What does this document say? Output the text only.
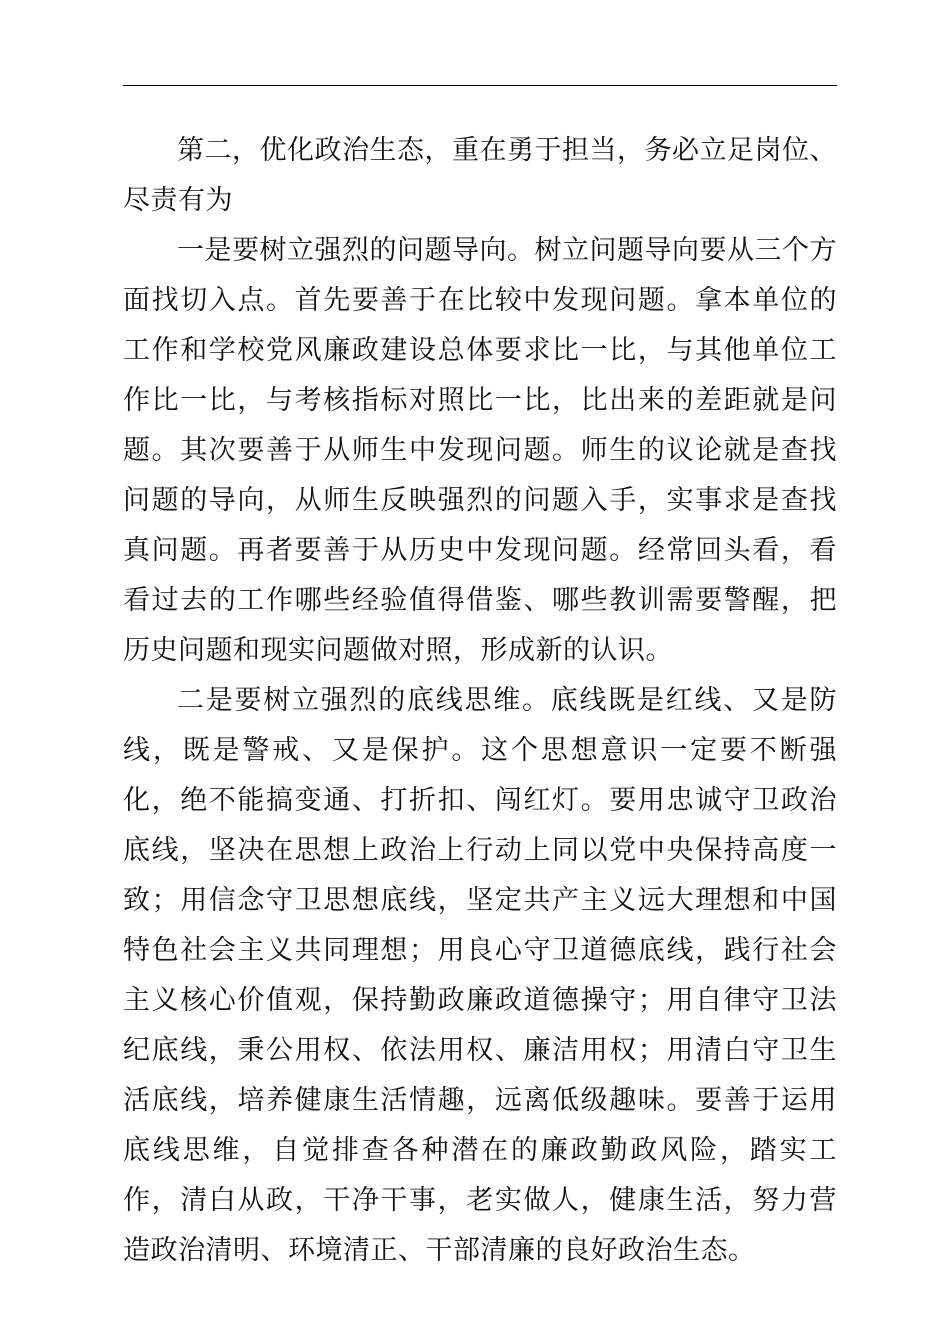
第二，优化政治生态，重在勇于担当，务必立足岗位、尽责有为

一是要树立强烈的问题导向。树立问题导向要从三个方面找切入点。首先要善于在比较中发现问题。拿本单位的工作和学校党风廉政建设总体要求比一比，与其他单位工作比一比，与考核指标对照比一比，比出来的差距就是问题。其次要善于从师生中发现问题。师生的议论就是查找问题的导向，从师生反映强烈的问题入手，实事求是查找真问题。再者要善于从历史中发现问题。经常回头看，看看过去的工作哪些经验值得借鉴、哪些教训需要警醒，把历史问题和现实问题做对照，形成新的认识。

二是要树立强烈的底线思维。底线既是红线、又是防线，既是警戒、又是保护。这个思想意识一定要不断强化，绝不能搞变通、打折扣、闯红灯。要用忠诚守卫政治底线，坚决在思想上政治上行动上同以党中央保持高度一致；用信念守卫思想底线，坚定共产主义远大理想和中国特色社会主义共同理想；用良心守卫道德底线，践行社会主义核心价值观，保持勤政廉政道德操守；用自律守卫法纪底线，秉公用权、依法用权、廉洁用权；用清白守卫生活底线，培养健康生活情趣，远离低级趣味。要善于运用底线思维，自觉排查各种潜在的廉政勤政风险，踏实工作，清白从政，干净干事，老实做人，健康生活，努力营造政治清明、环境清正、干部清廉的良好政治生态。
